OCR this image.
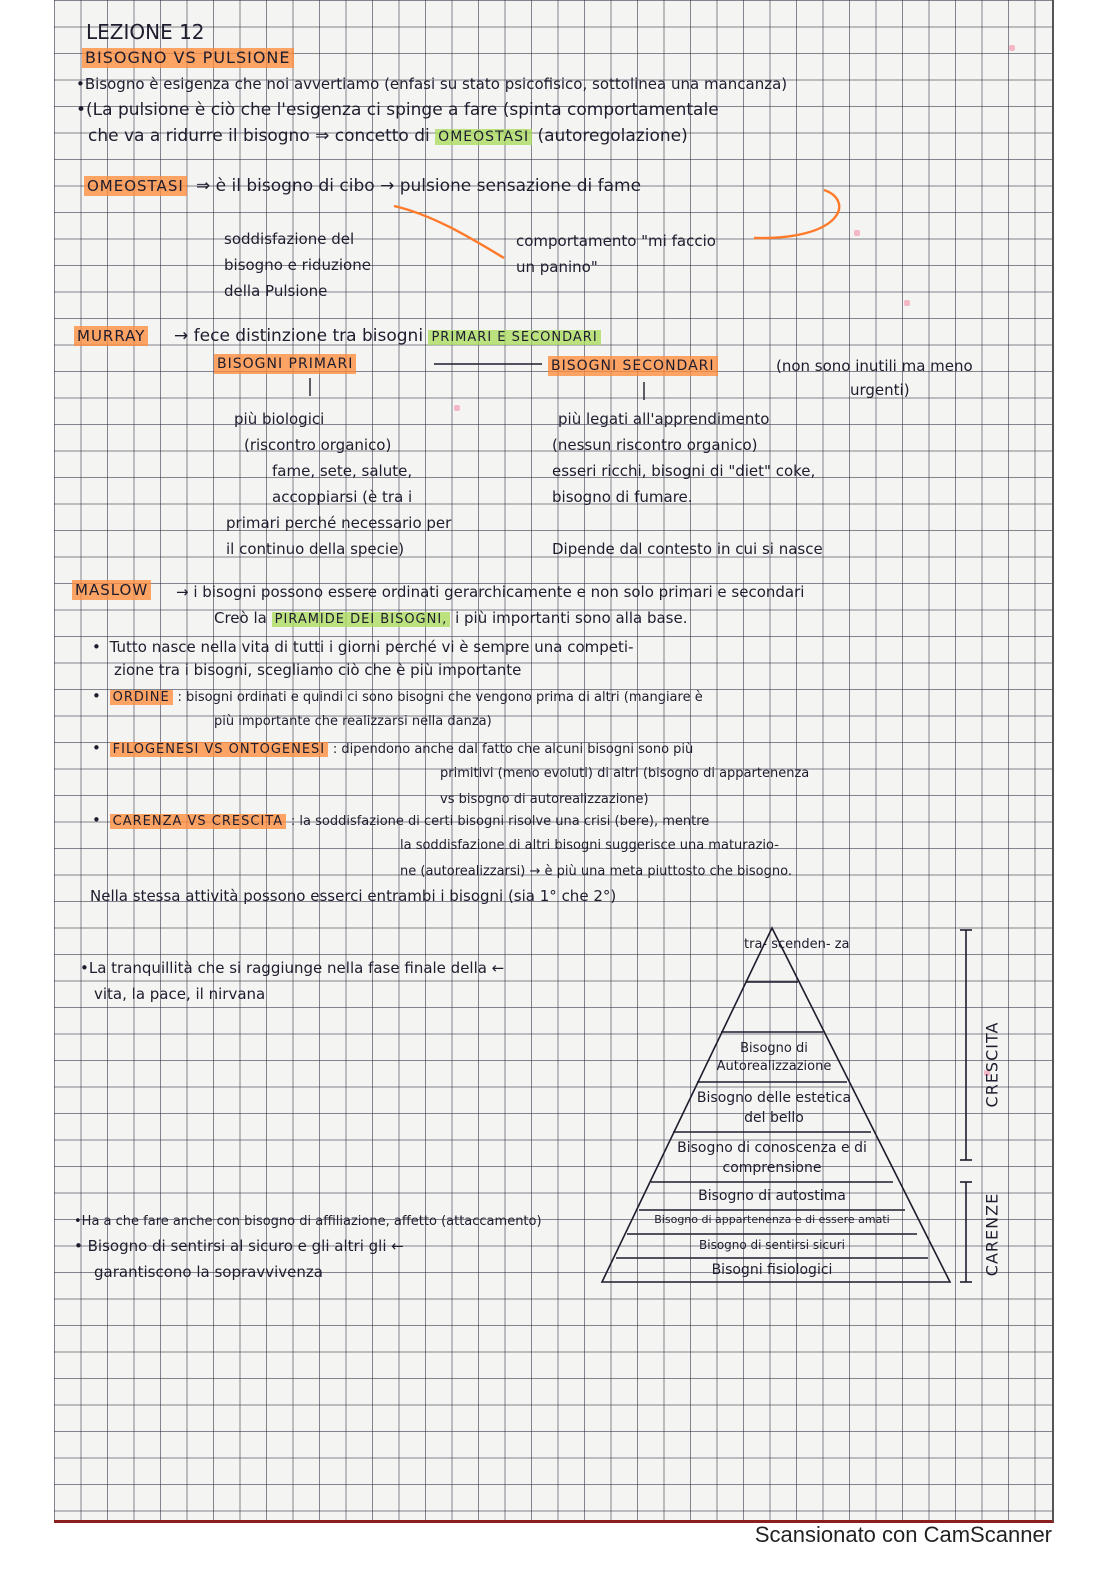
LEZIONE 12
BISOGNO VS PULSIONE
•Bisogno è esigenza che noi avvertiamo (enfasi su stato psicofisico, sottolinea una mancanza)
•(La pulsione è ciò che l'esigenza ci spinge a fare (spinta comportamentale
che va a ridurre il bisogno ⇒ concetto di OMEOSTASI (autoregolazione)
OMEOSTASI ⇒ è il bisogno di cibo → pulsione sensazione di fame
soddisfazione del
bisogno e riduzione
della Pulsione
comportamento "mi faccio
un panino"
MURRAY → fece distinzione tra bisogni PRIMARI E SECONDARI
BISOGNI PRIMARI	BISOGNI SECONDARI	(non sono inutili ma meno
urgenti)
più biologici
(riscontro organico)
fame, sete, salute,
accoppiarsi (è tra i
primari perché necessario per
il continuo della specie)
più legati all'apprendimento
(nessun riscontro organico)
esseri ricchi, bisogni di "diet" coke,
bisogno di fumare.
Dipende dal contesto in cui si nasce
MASLOW → i bisogni possono essere ordinati gerarchicamente e non solo primari e secondari
Creò la PIRAMIDE DEI BISOGNI, i più importanti sono alla base.
• Tutto nasce nella vita di tutti i giorni perché vi è sempre una competi-
zione tra i bisogni, scegliamo ciò che è più importante
• ORDINE : bisogni ordinati e quindi ci sono bisogni che vengono prima di altri (mangiare è
più importante che realizzarsi nella danza)
• FILOGENESI VS ONTOGENESI : dipendono anche dal fatto che alcuni bisogni sono più
primitivi (meno evoluti) di altri (bisogno di appartenenza
vs bisogno di autorealizzazione)
• CARENZA VS CRESCITA : la soddisfazione di certi bisogni risolve una crisi (bere), mentre
la soddisfazione di altri bisogni suggerisce una maturazio-
ne (autorealizzarsi) → è più una meta piuttosto che bisogno.
Nella stessa attività possono esserci entrambi i bisogni (sia 1° che 2°)
•La tranquillità che si raggiunge nella fase finale della ←
vita, la pace, il nirvana
•Ha a che fare anche con bisogno di affiliazione, affetto (attaccamento)
• Bisogno di sentirsi al sicuro e gli altri gli ←
garantiscono la sopravvivenza
tra- scenden- za
Bisogno di Autorealizzazione
Bisogno delle estetica del bello
Bisogno di conoscenza e di comprensione
Bisogno di autostima
Bisogno di appartenenza e di essere amati
Bisogno di sentirsi sicuri
Bisogni fisiologici
CRESCITA
CARENZE
Scansionato con CamScanner
